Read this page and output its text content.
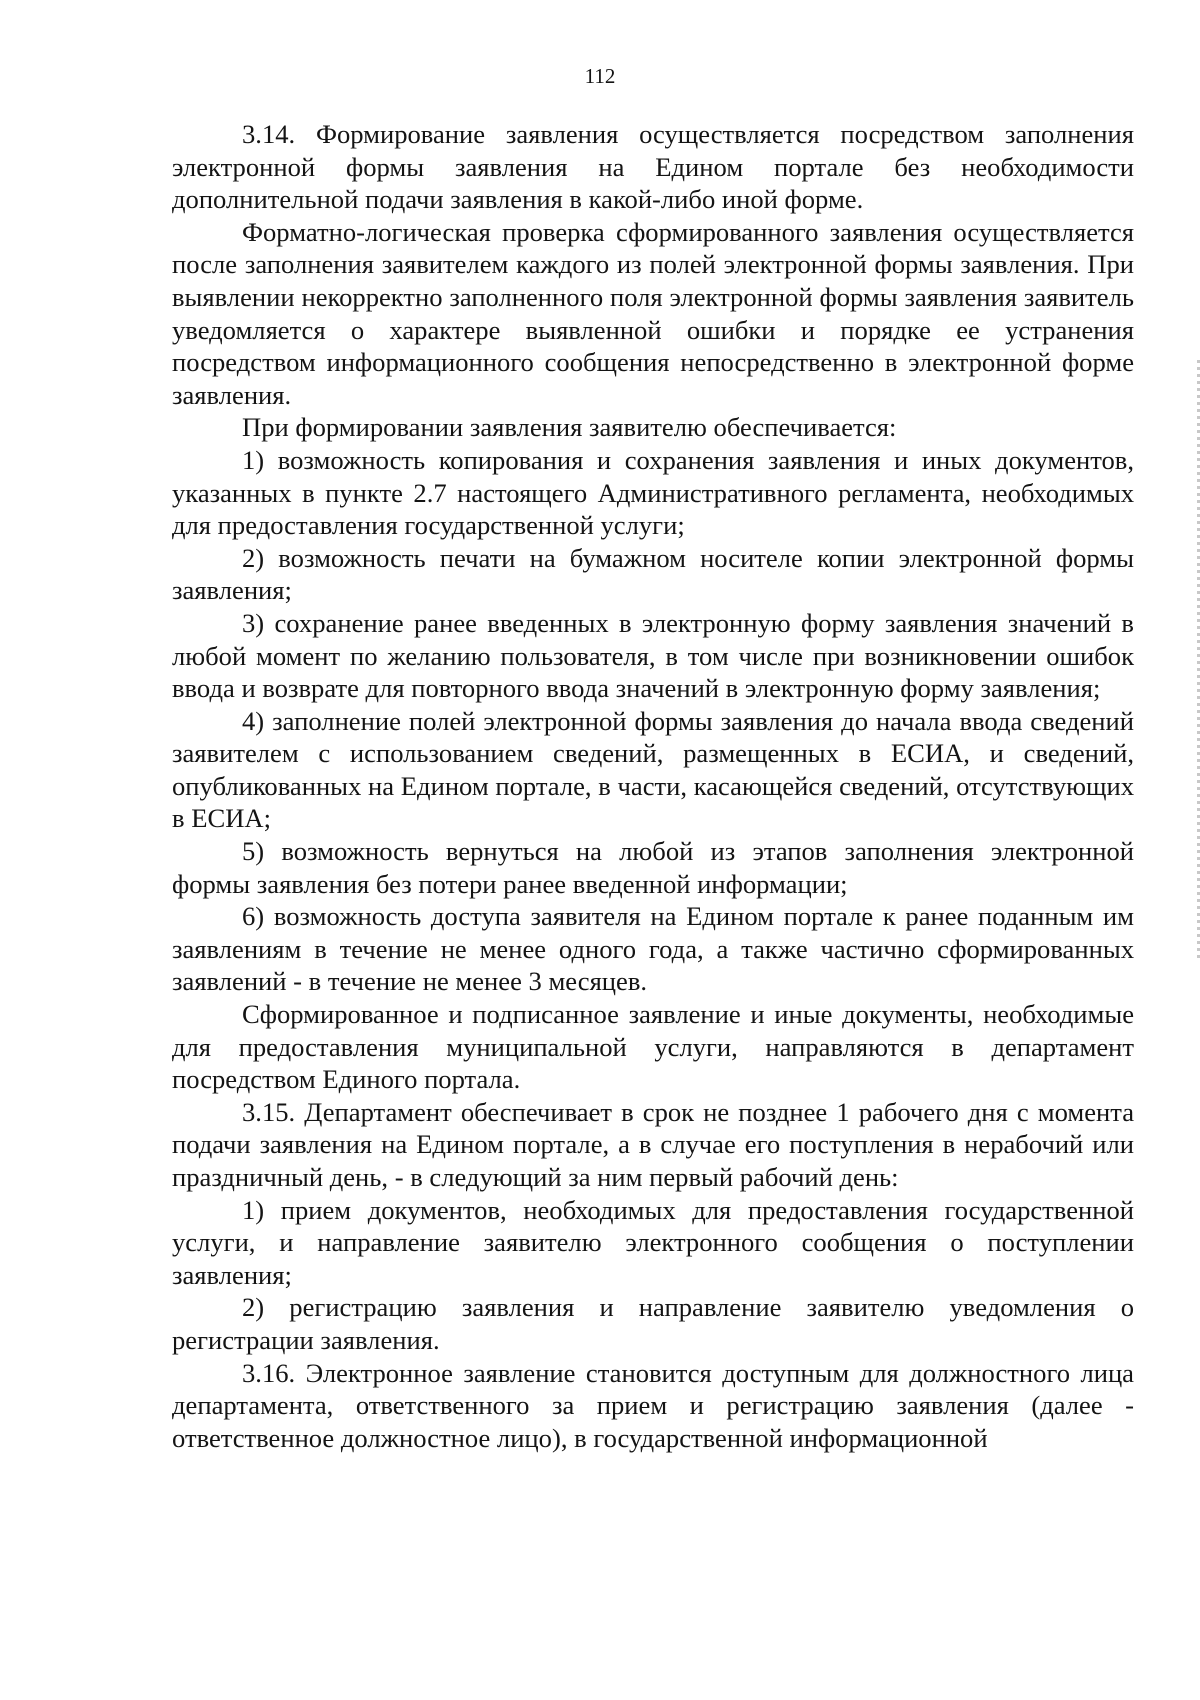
112

3.14. Формирование заявления осуществляется посредством заполнения электронной формы заявления на Едином портале без необходимости дополнительной подачи заявления в какой-либо иной форме.

Форматно-логическая проверка сформированного заявления осуществляется после заполнения заявителем каждого из полей электронной формы заявления. При выявлении некорректно заполненного поля электронной формы заявления заявитель уведомляется о характере выявленной ошибки и порядке ее устранения посредством информационного сообщения непосредственно в электронной форме заявления.

При формировании заявления заявителю обеспечивается:

1) возможность копирования и сохранения заявления и иных документов, указанных в пункте 2.7 настоящего Административного регламента, необходимых для предоставления государственной услуги;

2) возможность печати на бумажном носителе копии электронной формы заявления;

3) сохранение ранее введенных в электронную форму заявления значений в любой момент по желанию пользователя, в том числе при возникновении ошибок ввода и возврате для повторного ввода значений в электронную форму заявления;

4) заполнение полей электронной формы заявления до начала ввода сведений заявителем с использованием сведений, размещенных в ЕСИА, и сведений, опубликованных на Едином портале, в части, касающейся сведений, отсутствующих в ЕСИА;

5) возможность вернуться на любой из этапов заполнения электронной формы заявления без потери ранее введенной информации;

6) возможность доступа заявителя на Едином портале к ранее поданным им заявлениям в течение не менее одного года, а также частично сформированных заявлений - в течение не менее 3 месяцев.

Сформированное и подписанное заявление и иные документы, необходимые для предоставления муниципальной услуги, направляются в департамент посредством Единого портала.

3.15. Департамент обеспечивает в срок не позднее 1 рабочего дня с момента подачи заявления на Едином портале, а в случае его поступления в нерабочий или праздничный день, - в следующий за ним первый рабочий день:

1) прием документов, необходимых для предоставления государственной услуги, и направление заявителю электронного сообщения о поступлении заявления;

2) регистрацию заявления и направление заявителю уведомления о регистрации заявления.

3.16. Электронное заявление становится доступным для должностного лица департамента, ответственного за прием и регистрацию заявления (далее - ответственное должностное лицо), в государственной информационной
